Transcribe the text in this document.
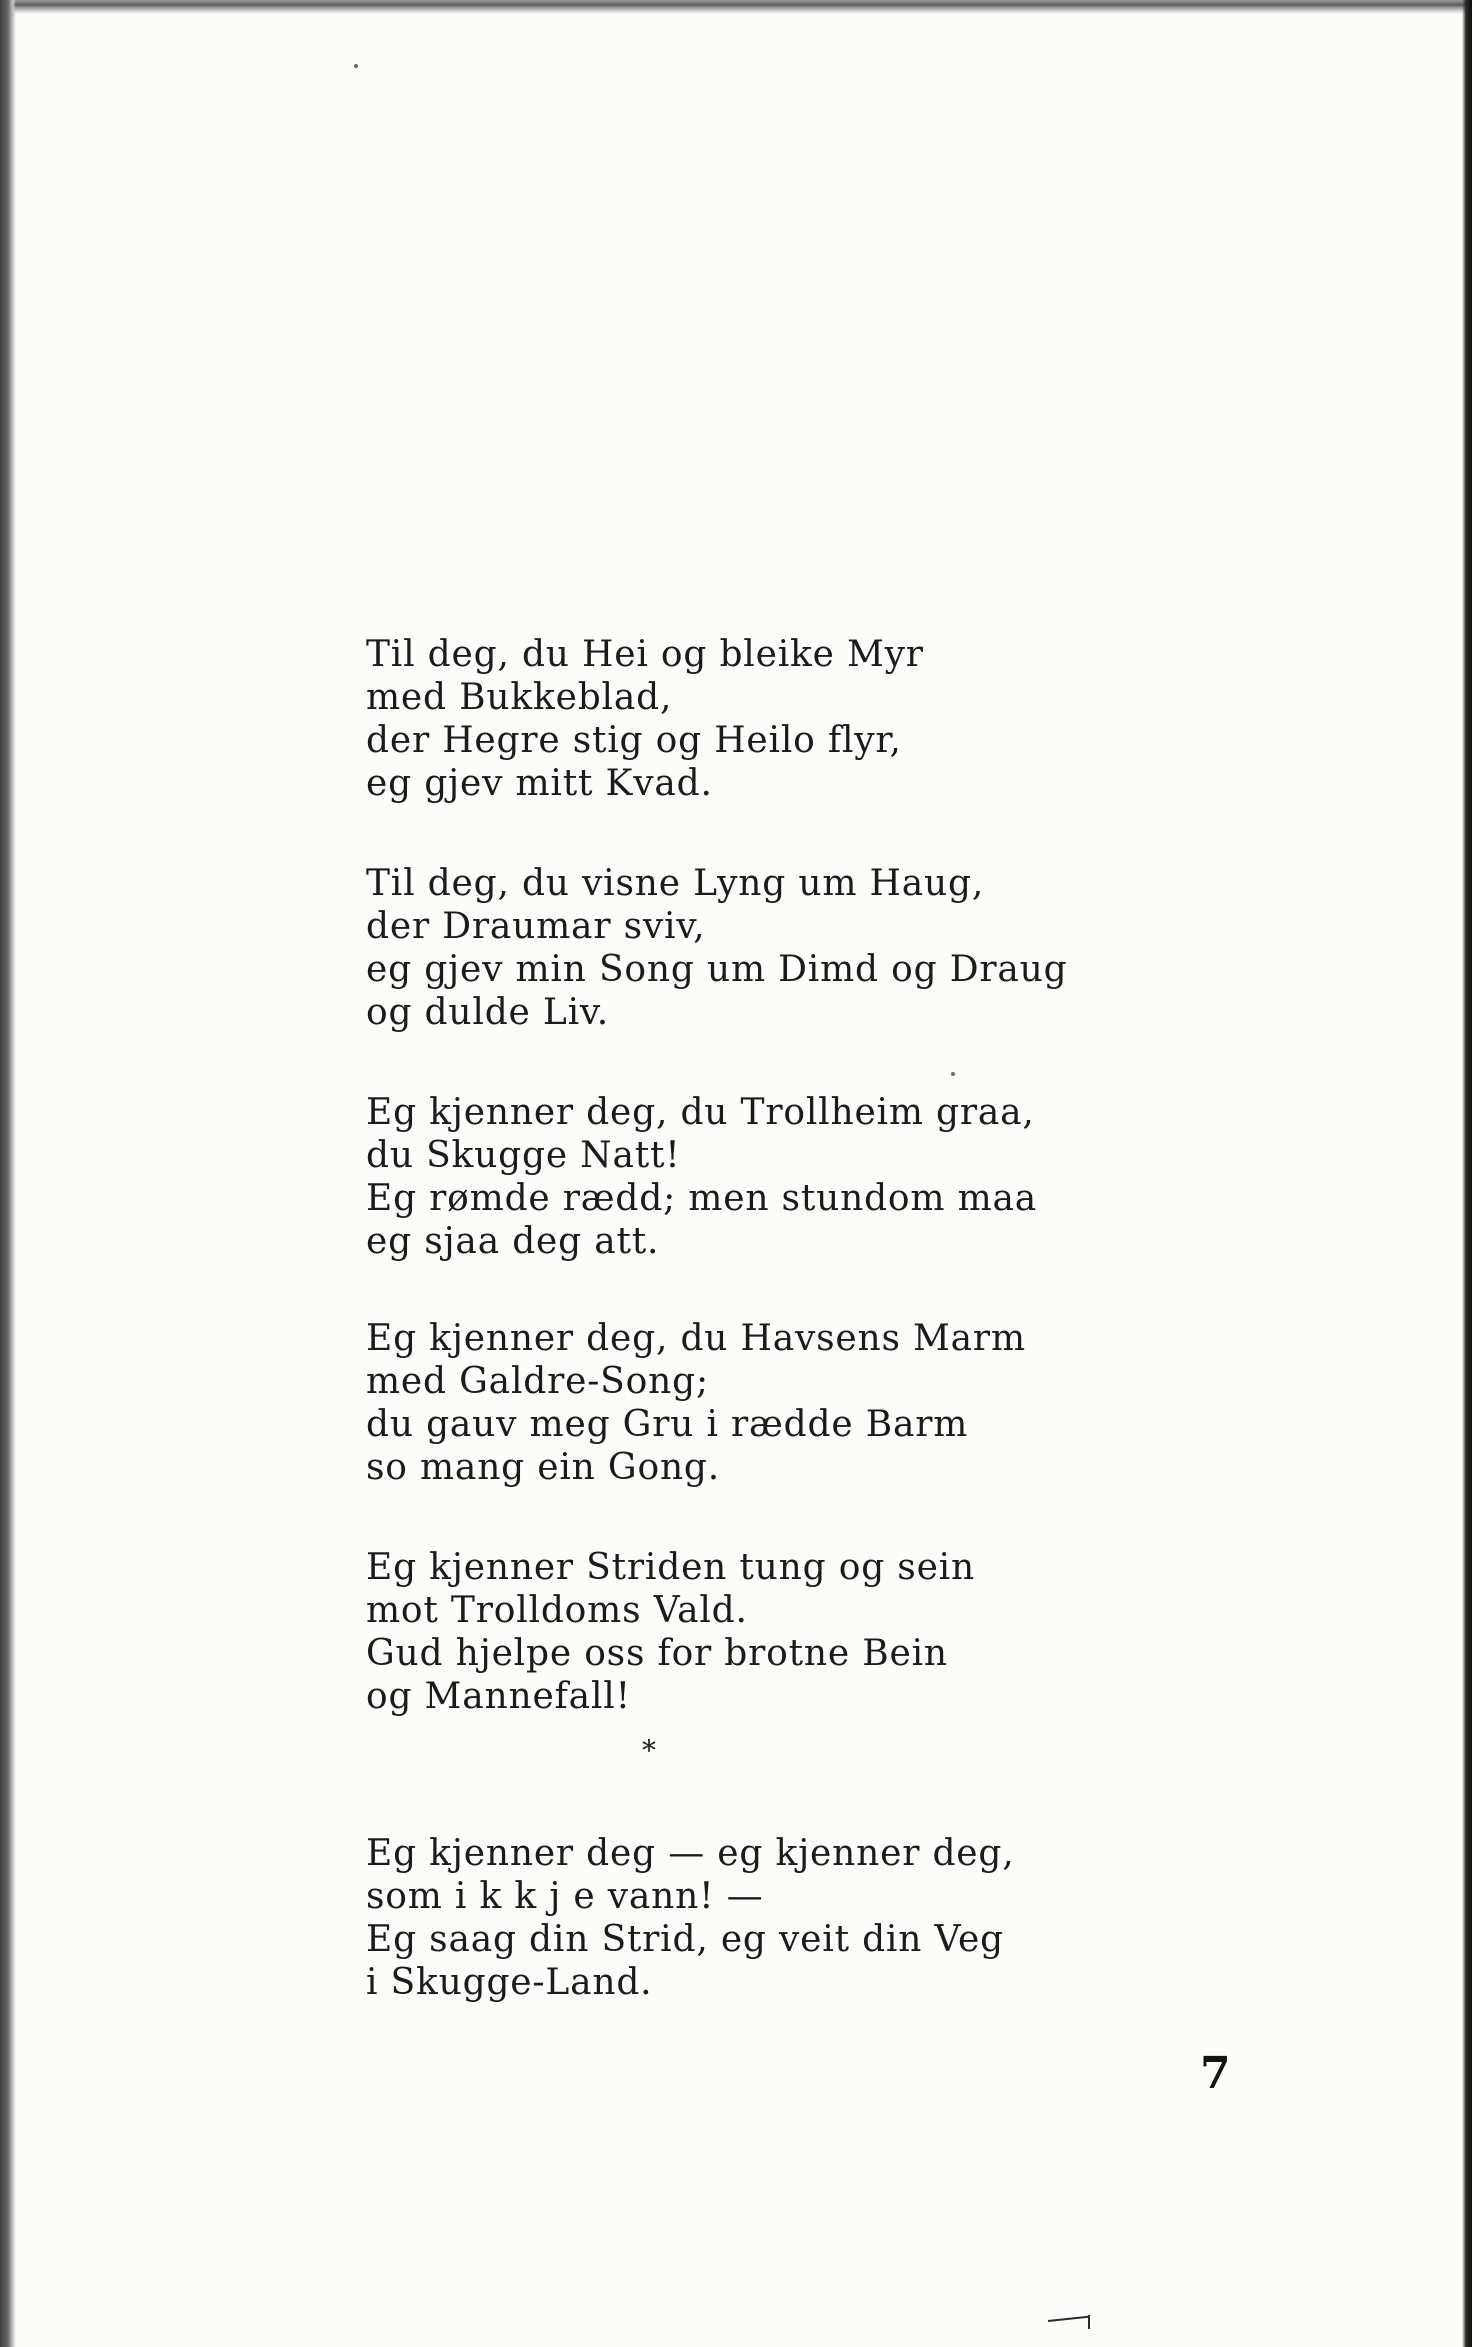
Til deg, du Hei og bleike Myr
med Bukkeblad,
der Hegre stig og Heilo flyr,
eg gjev mitt Kvad.
Til deg, du visne Lyng um Haug,
der Draumar sviv,
eg gjev min Song um Dimd og Draug
og dulde Liv.
Eg kjenner deg, du Trollheim graa,
du Skugge Natt!
Eg rømde rædd; men stundom maa
eg sjaa deg att.
Eg kjenner deg, du Havsens Marm
med Galdre-Song;
du gauv meg Gru i rædde Barm
so mang ein Gong.
Eg kjenner Striden tung og sein
mot Trolldoms Vald.
Gud hjelpe oss for brotne Bein
og Mannefall!
*
Eg kjenner deg — eg kjenner deg,
som i k k j e vann! —
Eg saag din Strid, eg veit din Veg
i Skugge-Land.
7
